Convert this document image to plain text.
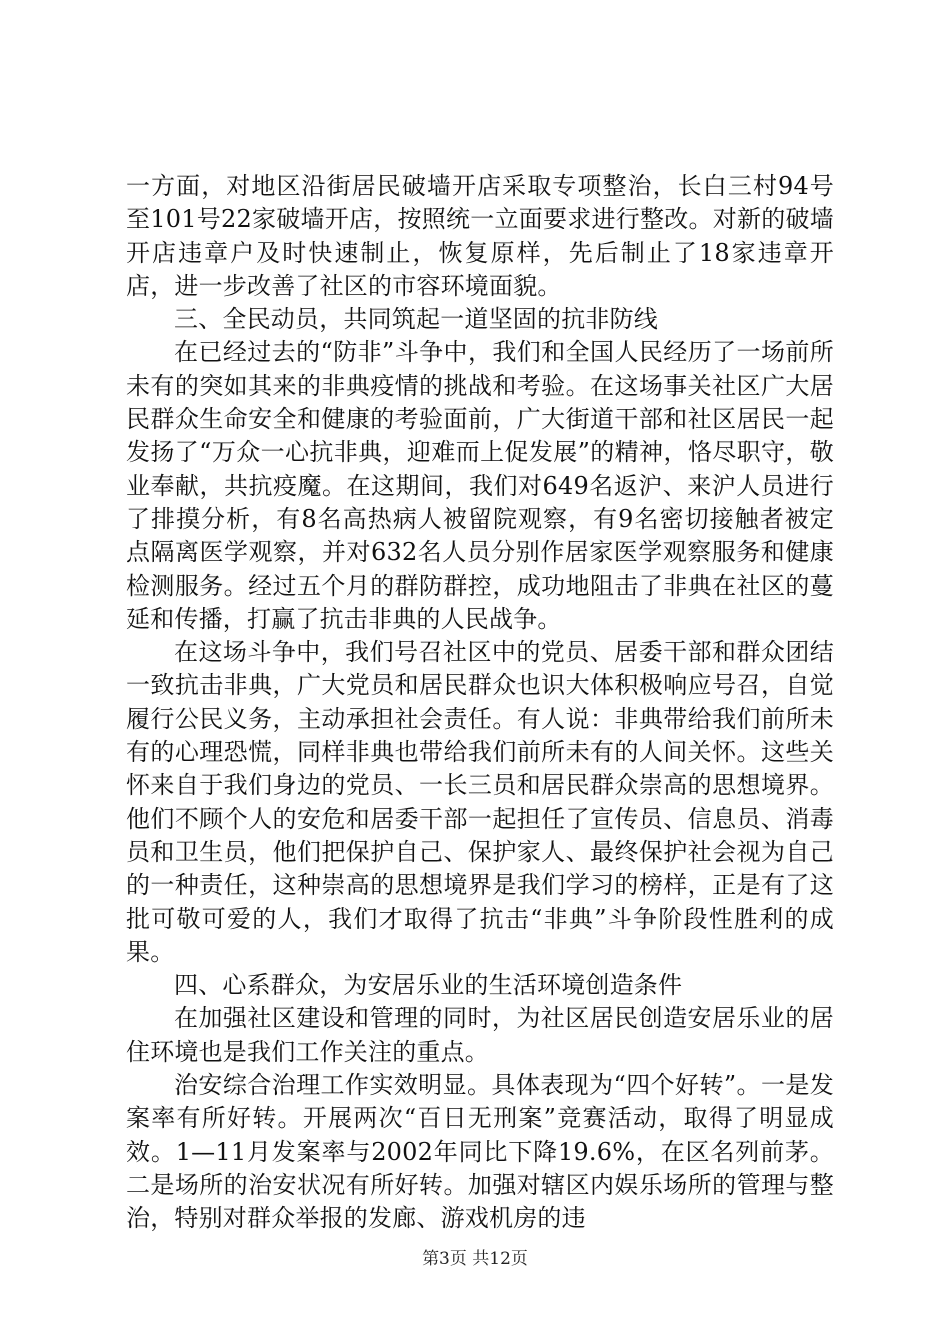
一方面，对地区沿街居民破墙开店采取专项整治，长白三村94号至101号22家破墙开店，按照统一立面要求进行整改。对新的破墙开店违章户及时快速制止，恢复原样，先后制止了18家违章开店，进一步改善了社区的市容环境面貌。

三、全民动员，共同筑起一道坚固的抗非防线

在已经过去的“防非”斗争中，我们和全国人民经历了一场前所未有的突如其来的非典疫情的挑战和考验。在这场事关社区广大居民群众生命安全和健康的考验面前，广大街道干部和社区居民一起发扬了“万众一心抗非典，迎难而上促发展”的精神，恪尽职守，敬业奉献，共抗疫魔。在这期间，我们对649名返沪、来沪人员进行了排摸分析，有8名高热病人被留院观察，有9名密切接触者被定点隔离医学观察，并对632名人员分别作居家医学观察服务和健康检测服务。经过五个月的群防群控，成功地阻击了非典在社区的蔓延和传播，打赢了抗击非典的人民战争。

在这场斗争中，我们号召社区中的党员、居委干部和群众团结一致抗击非典，广大党员和居民群众也识大体积极响应号召，自觉履行公民义务，主动承担社会责任。有人说：非典带给我们前所未有的心理恐慌，同样非典也带给我们前所未有的人间关怀。这些关怀来自于我们身边的党员、一长三员和居民群众崇高的思想境界。他们不顾个人的安危和居委干部一起担任了宣传员、信息员、消毒员和卫生员，他们把保护自己、保护家人、最终保护社会视为自己的一种责任，这种崇高的思想境界是我们学习的榜样，正是有了这批可敬可爱的人，我们才取得了抗击“非典”斗争阶段性胜利的成果。

四、心系群众，为安居乐业的生活环境创造条件

在加强社区建设和管理的同时，为社区居民创造安居乐业的居住环境也是我们工作关注的重点。

治安综合治理工作实效明显。具体表现为“四个好转”。一是发案率有所好转。开展两次“百日无刑案”竞赛活动，取得了明显成效。1—11月发案率与2002年同比下降19.6%，在区名列前茅。二是场所的治安状况有所好转。加强对辖区内娱乐场所的管理与整治，特别对群众举报的发廊、游戏机房的违

第3页 共12页
